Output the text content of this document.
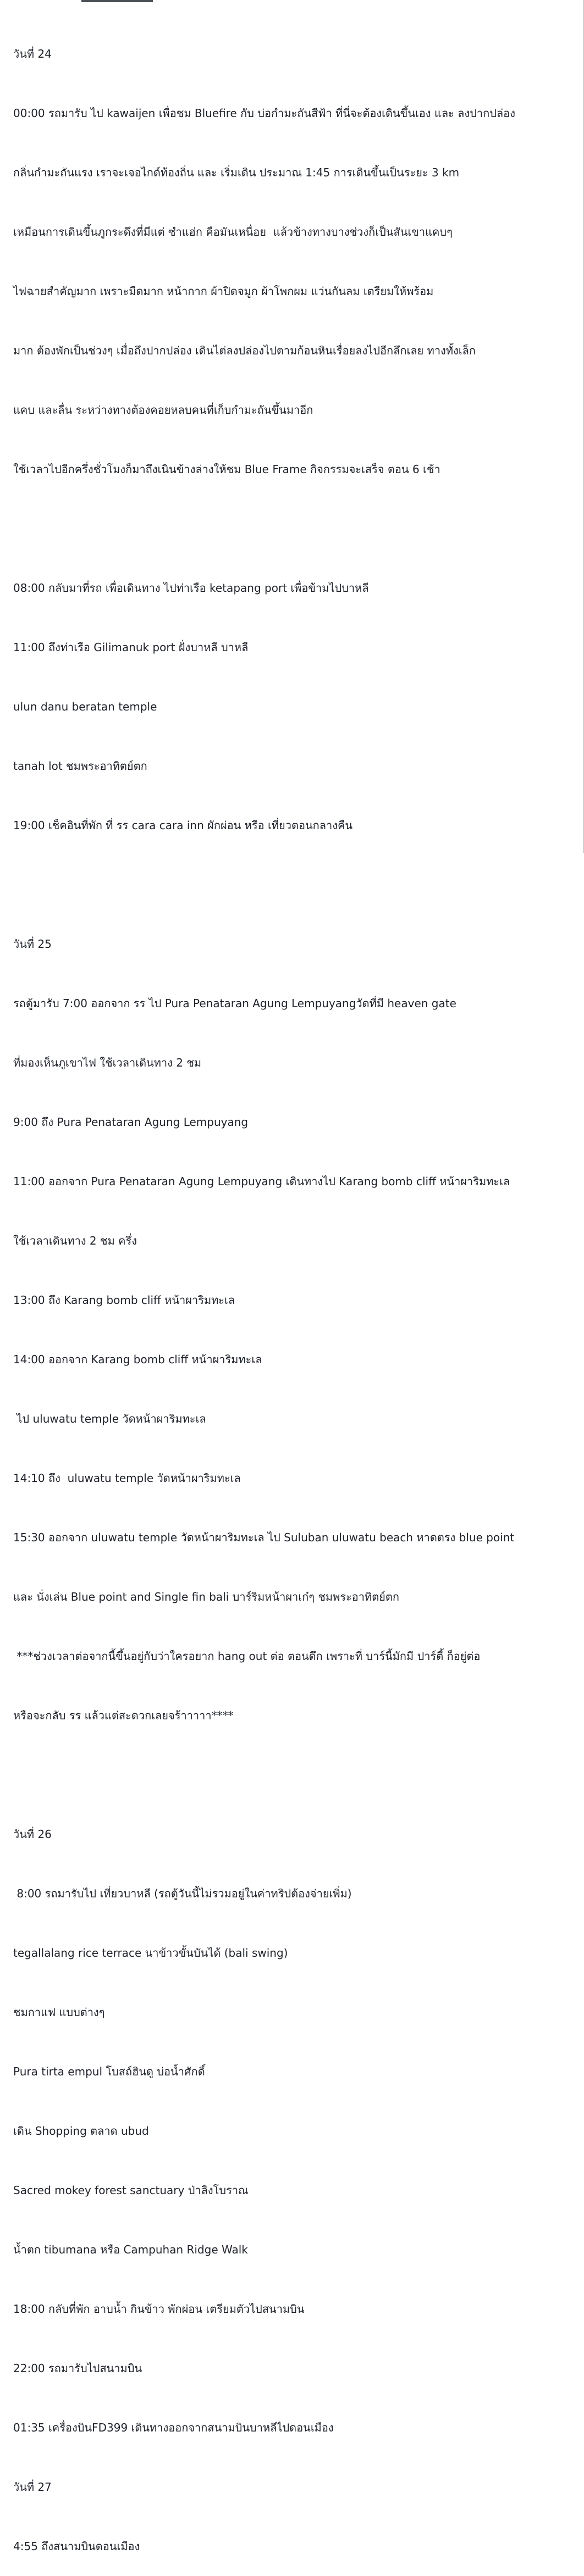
วันที่ 24

00:00 รถมารับ ไป kawaijen เพื่อชม Bluefire กับ บ่อกำมะถันสีฟ้า ที่นี่จะต้องเดินขึ้นเอง และ ลงปากปล่อง

กลิ่นกำมะถันแรง เราจะเจอไกด์ท้องถิ่น และ เริ่มเดิน ประมาณ 1:45 การเดินขึ้นเป็นระยะ 3 km

เหมือนการเดินขึ้นภูกระดึงที่มีแต่ ซำแฮ่ก คือมันเหนื่อย  แล้วข้างทางบางช่วงก็เป็นสันเขาแคบๆ

ไฟฉายสำคัญมาก เพราะมืดมาก หน้ากาก ผ้าปิดจมูก ผ้าโพกผม แว่นกันลม เตรียมให้พร้อม

มาก ต้องพักเป็นช่วงๆ เมื่อถึงปากปล่อง เดินไต่ลงปล่องไปตามก้อนหินเรื่อยลงไปอีกลึกเลย ทางทั้งเล็ก

แคบ และลื่น ระหว่างทางต้องคอยหลบคนที่เก็บกำมะถันขึ้นมาอีก

ใช้เวลาไปอีกครึ่งชั่วโมงก็มาถึงเนินข้างล่างให้ชม Blue Frame กิจกรรมจะเสร็จ ตอน 6 เช้า

08:00 กลับมาที่รถ เพื่อเดินทาง ไปท่าเรือ ketapang port เพื่อข้ามไปบาหลี

11:00 ถึงท่าเรือ Gilimanuk port ฝั่งบาหลี บาหลี

ulun danu beratan temple

tanah lot ชมพระอาทิตย์ตก

19:00 เช็คอินที่พัก ที่ รร cara cara inn ผักผ่อน หรือ เที่ยวตอนกลางคืน

วันที่ 25

รถตู้มารับ 7:00 ออกจาก รร ไป Pura Penataran Agung Lempuyangวัดที่มี heaven gate

ที่มองเห็นภูเขาไฟ ใช้เวลาเดินทาง 2 ชม

9:00 ถึง Pura Penataran Agung Lempuyang

11:00 ออกจาก Pura Penataran Agung Lempuyang เดินทางไป Karang bomb cliff หน้าผาริมทะเล

ใช้เวลาเดินทาง 2 ชม ครึ่ง

13:00 ถึง Karang bomb cliff หน้าผาริมทะเล

14:00 ออกจาก Karang bomb cliff หน้าผาริมทะเล

ไป uluwatu temple วัดหน้าผาริมทะเล

14:10 ถึง  uluwatu temple วัดหน้าผาริมทะเล

15:30 ออกจาก uluwatu temple วัดหน้าผาริมทะเล ไป Suluban uluwatu beach หาดตรง blue point

และ นั่งเล่น Blue point and Single fin bali บาร์ริมหน้าผาเก๋ๆ ชมพระอาทิตย์ตก

***ช่วงเวลาต่อจากนี้ขึ้นอยู่กับว่าใครอยาก hang out ต่อ ตอนดึก เพราะที่ บาร์นี้มักมี ปาร์ตี้ ก็อยู่ต่อ

หรือจะกลับ รร แล้วแต่สะดวกเลยจร้าาาาา****

วันที่ 26

8:00 รถมารับไป เที่ยวบาหลี (รถตู้วันนี้ไม่รวมอยู่ในค่าทริปต้องจ่ายเพิ่ม)

tegallalang rice terrace นาข้าวขั้นบันได้ (bali swing)

ชมกาแฟ แบบต่างๆ

Pura tirta empul โบสถ์ฮินดู บ่อน้ำศักดิ์

เดิน Shopping ตลาด ubud

Sacred mokey forest sanctuary ป่าลิงโบราณ

น้ำตก tibumana หรือ Campuhan Ridge Walk

18:00 กลับที่พัก อาบน้ำ กินข้าว พักผ่อน เตรียมตัวไปสนามบิน

22:00 รถมารับไปสนามบิน

01:35 เครื่องบินFD399 เดินทางออกจากสนามบินบาหลีไปดอนเมือง

วันที่ 27

4:55 ถึงสนามบินดอนเมือง
